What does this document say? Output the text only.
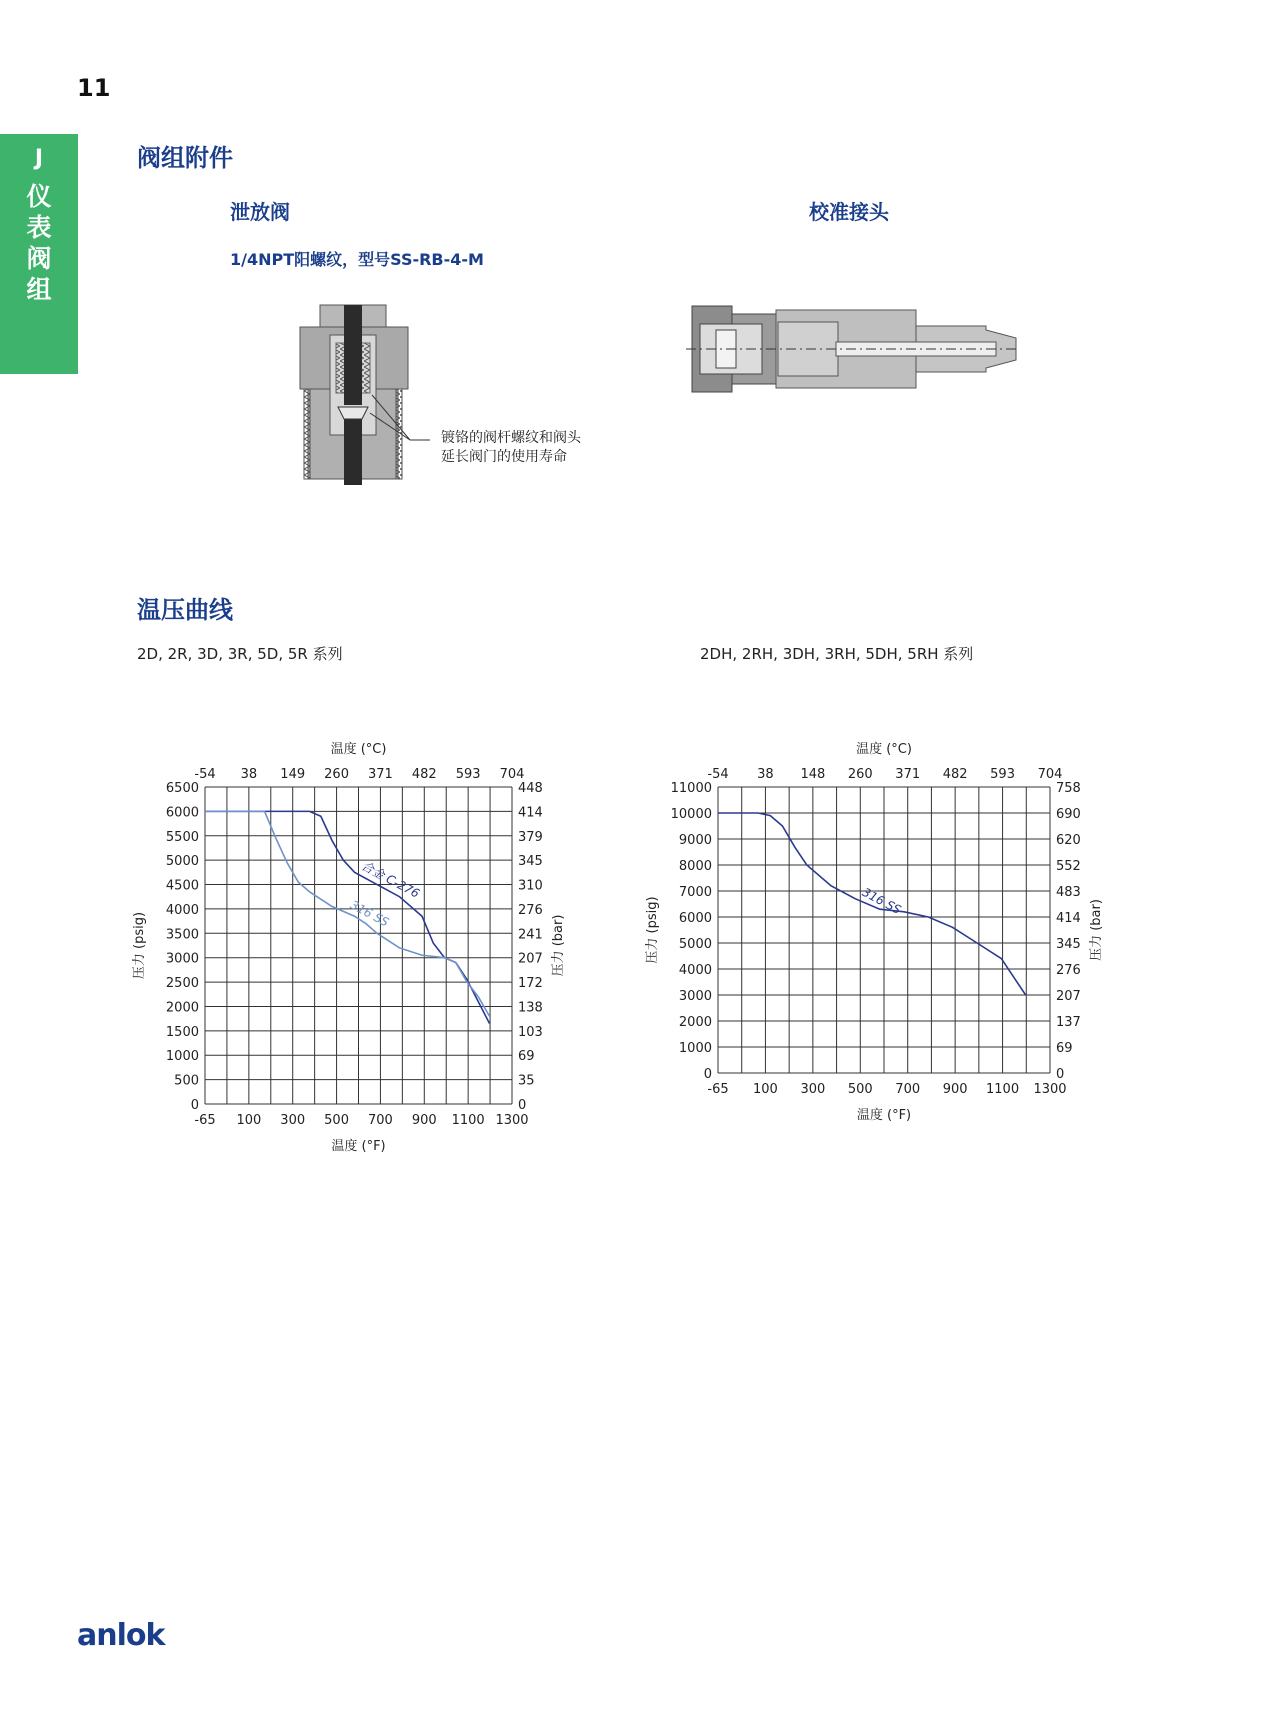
11
J
仪表阀组
阀组附件
泄放阀	校准接头
1/4NPT阳螺纹，型号SS-RB-4-M
镀铬的阀杆螺纹和阀头
延长阀门的使用寿命
温压曲线
2D, 2R, 3D, 3R, 5D, 5R 系列	2DH, 2RH, 3DH, 3RH, 5DH, 5RH 系列
0	0
500	35
1000	69
1500	103
2000	138
2500	172
3000	207
3500	241
4000	276
4500	310
5000	345
5500	379
6000	414
6500	448
-65
-54
100
38
300
149
500
260
700
371
900
482
1100
593
1300
704
温度 (°F)
温度 (°C)
压力 (psig)	压力 (bar)
合金 C-276
316 SS
0	0
1000	69
2000	137
3000	207
4000	276
5000	345
6000	414
7000	483
8000	552
9000	620
10000	690
11000	758
-65
-54
100
38
300
148
500
260
700
371
900
482
1100
593
1300
704
温度 (°F)
温度 (°C)
压力 (psig)	压力 (bar)
316 SS
anlok
